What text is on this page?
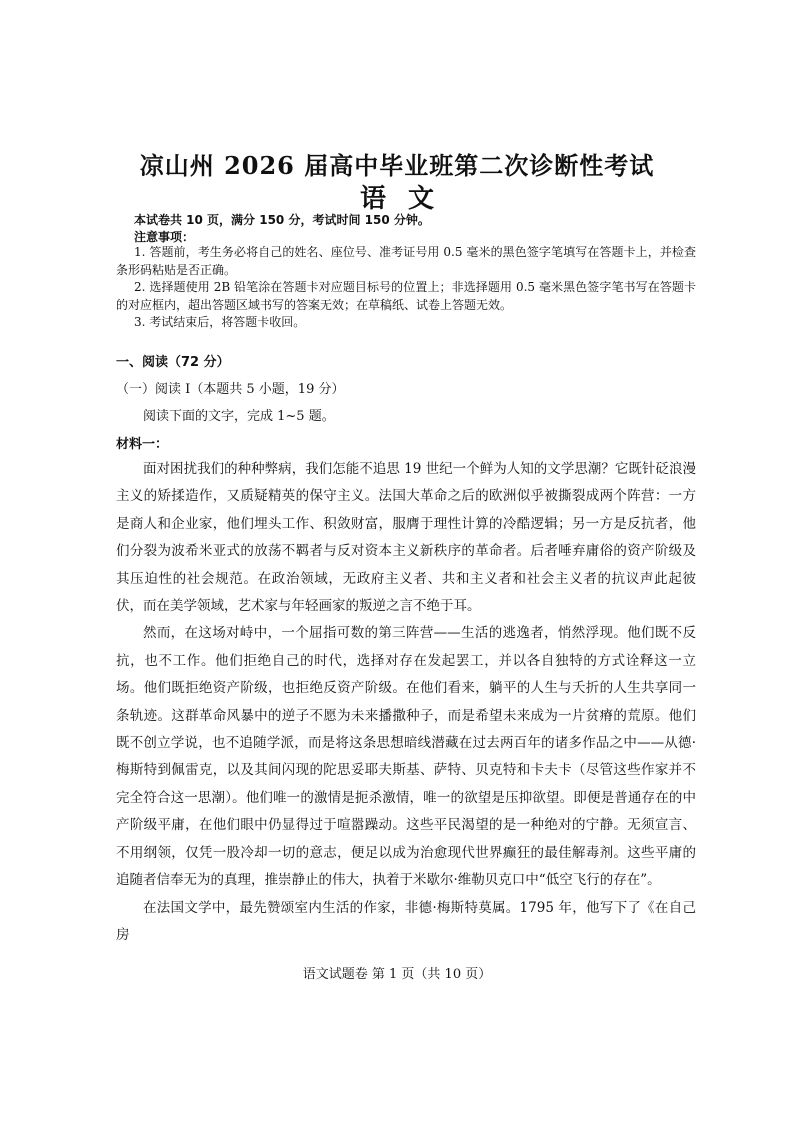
凉山州 2026 届高中毕业班第二次诊断性考试
语文
本试卷共 10 页，满分 150 分，考试时间 150 分钟。
注意事项：

1. 答题前，考生务必将自己的姓名、座位号、准考证号用 0.5 毫米的黑色签字笔填写在答题卡上，并检查条形码粘贴是否正确。

2. 选择题使用 2B 铅笔涂在答题卡对应题目标号的位置上；非选择题用 0.5 毫米黑色签字笔书写在答题卡的对应框内，超出答题区域书写的答案无效；在草稿纸、试卷上答题无效。

3. 考试结束后，将答题卡收回。

一、阅读（72 分）
（一）阅读 I（本题共 5 小题，19 分）
阅读下面的文字，完成 1~5 题。
材料一：

面对困扰我们的种种弊病，我们怎能不追思 19 世纪一个鲜为人知的文学思潮？它既针砭浪漫主义的矫揉造作，又质疑精英的保守主义。法国大革命之后的欧洲似乎被撕裂成两个阵营：一方是商人和企业家，他们埋头工作、积敛财富，服膺于理性计算的冷酷逻辑；另一方是反抗者，他们分裂为波希米亚式的放荡不羁者与反对资本主义新秩序的革命者。后者唾弃庸俗的资产阶级及其压迫性的社会规范。在政治领域，无政府主义者、共和主义者和社会主义者的抗议声此起彼伏，而在美学领域，艺术家与年轻画家的叛逆之言不绝于耳。

然而，在这场对峙中，一个屈指可数的第三阵营——生活的逃逸者，悄然浮现。他们既不反抗，也不工作。他们拒绝自己的时代，选择对存在发起罢工，并以各自独特的方式诠释这一立场。他们既拒绝资产阶级，也拒绝反资产阶级。在他们看来，躺平的人生与夭折的人生共享同一条轨迹。这群革命风暴中的逆子不愿为未来播撒种子，而是希望未来成为一片贫瘠的荒原。他们既不创立学说，也不追随学派，而是将这条思想暗线潜藏在过去两百年的诸多作品之中——从德·梅斯特到佩雷克，以及其间闪现的陀思妥耶夫斯基、萨特、贝克特和卡夫卡（尽管这些作家并不完全符合这一思潮）。他们唯一的激情是扼杀激情，唯一的欲望是压抑欲望。即便是普通存在的中产阶级平庸，在他们眼中仍显得过于喧嚣躁动。这些平民渴望的是一种绝对的宁静。无须宣言、不用纲领，仅凭一股冷却一切的意志，便足以成为治愈现代世界癫狂的最佳解毒剂。这些平庸的追随者信奉无为的真理，推崇静止的伟大，执着于米歇尔·维勒贝克口中“低空飞行的存在”。

在法国文学中，最先赞颂室内生活的作家，非德·梅斯特莫属。1795 年，他写下了《在自己房

语文试题卷 第 1 页（共 10 页）
